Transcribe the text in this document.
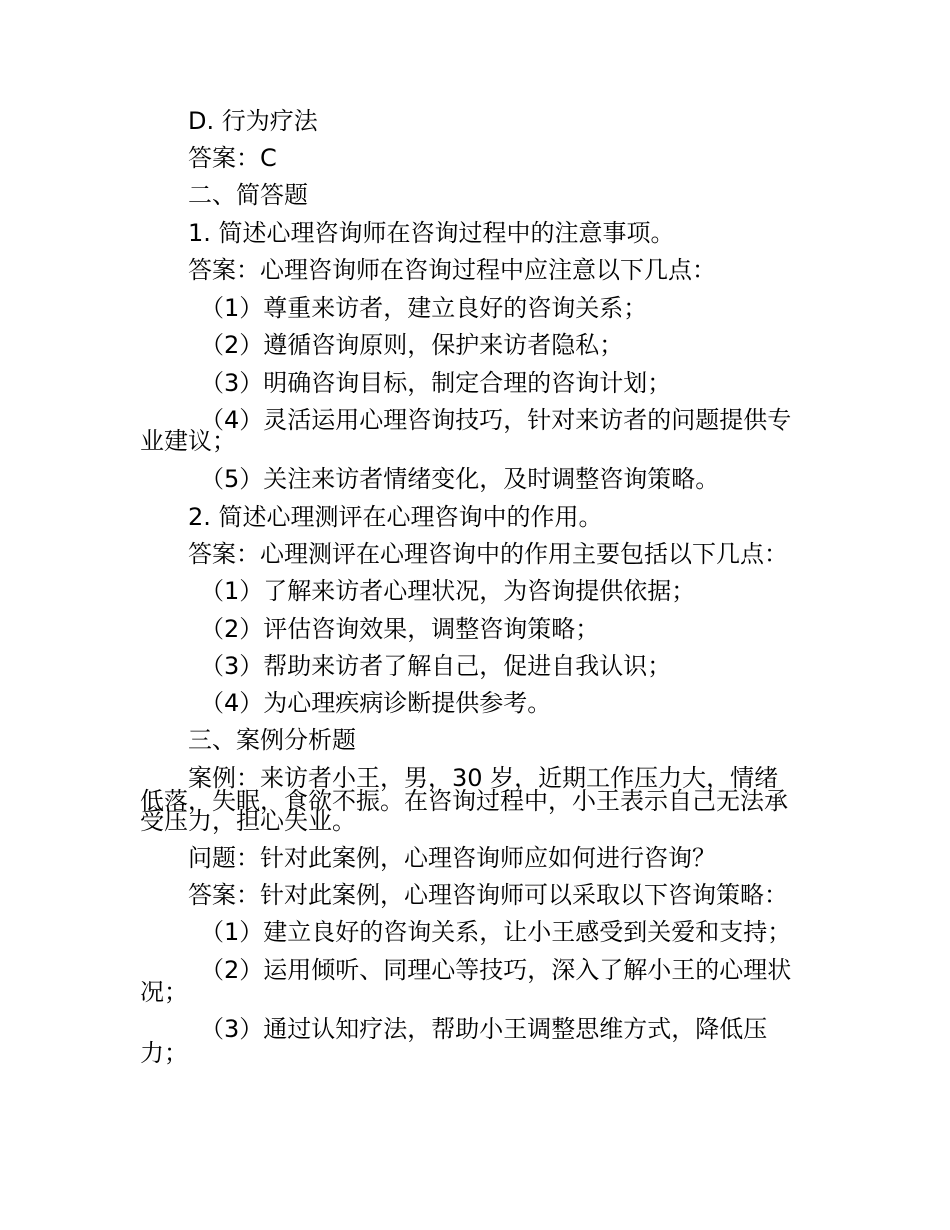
D. 行为疗法

答案：C

二、简答题

1. 简述心理咨询师在咨询过程中的注意事项。

答案：心理咨询师在咨询过程中应注意以下几点：

（1）尊重来访者，建立良好的咨询关系；

（2）遵循咨询原则，保护来访者隐私；

（3）明确咨询目标，制定合理的咨询计划；

（4）灵活运用心理咨询技巧，针对来访者的问题提供专

业建议；

（5）关注来访者情绪变化，及时调整咨询策略。

2. 简述心理测评在心理咨询中的作用。

答案：心理测评在心理咨询中的作用主要包括以下几点：

（1）了解来访者心理状况，为咨询提供依据；

（2）评估咨询效果，调整咨询策略；

（3）帮助来访者了解自己，促进自我认识；

（4）为心理疾病诊断提供参考。

三、案例分析题

案例：来访者小王，男，30 岁，近期工作压力大，情绪

低落，失眠，食欲不振。在咨询过程中，小王表示自己无法承

受压力，担心失业。

问题：针对此案例，心理咨询师应如何进行咨询？

答案：针对此案例，心理咨询师可以采取以下咨询策略：

（1）建立良好的咨询关系，让小王感受到关爱和支持；

（2）运用倾听、同理心等技巧，深入了解小王的心理状

况；

（3）通过认知疗法，帮助小王调整思维方式，降低压

力；
